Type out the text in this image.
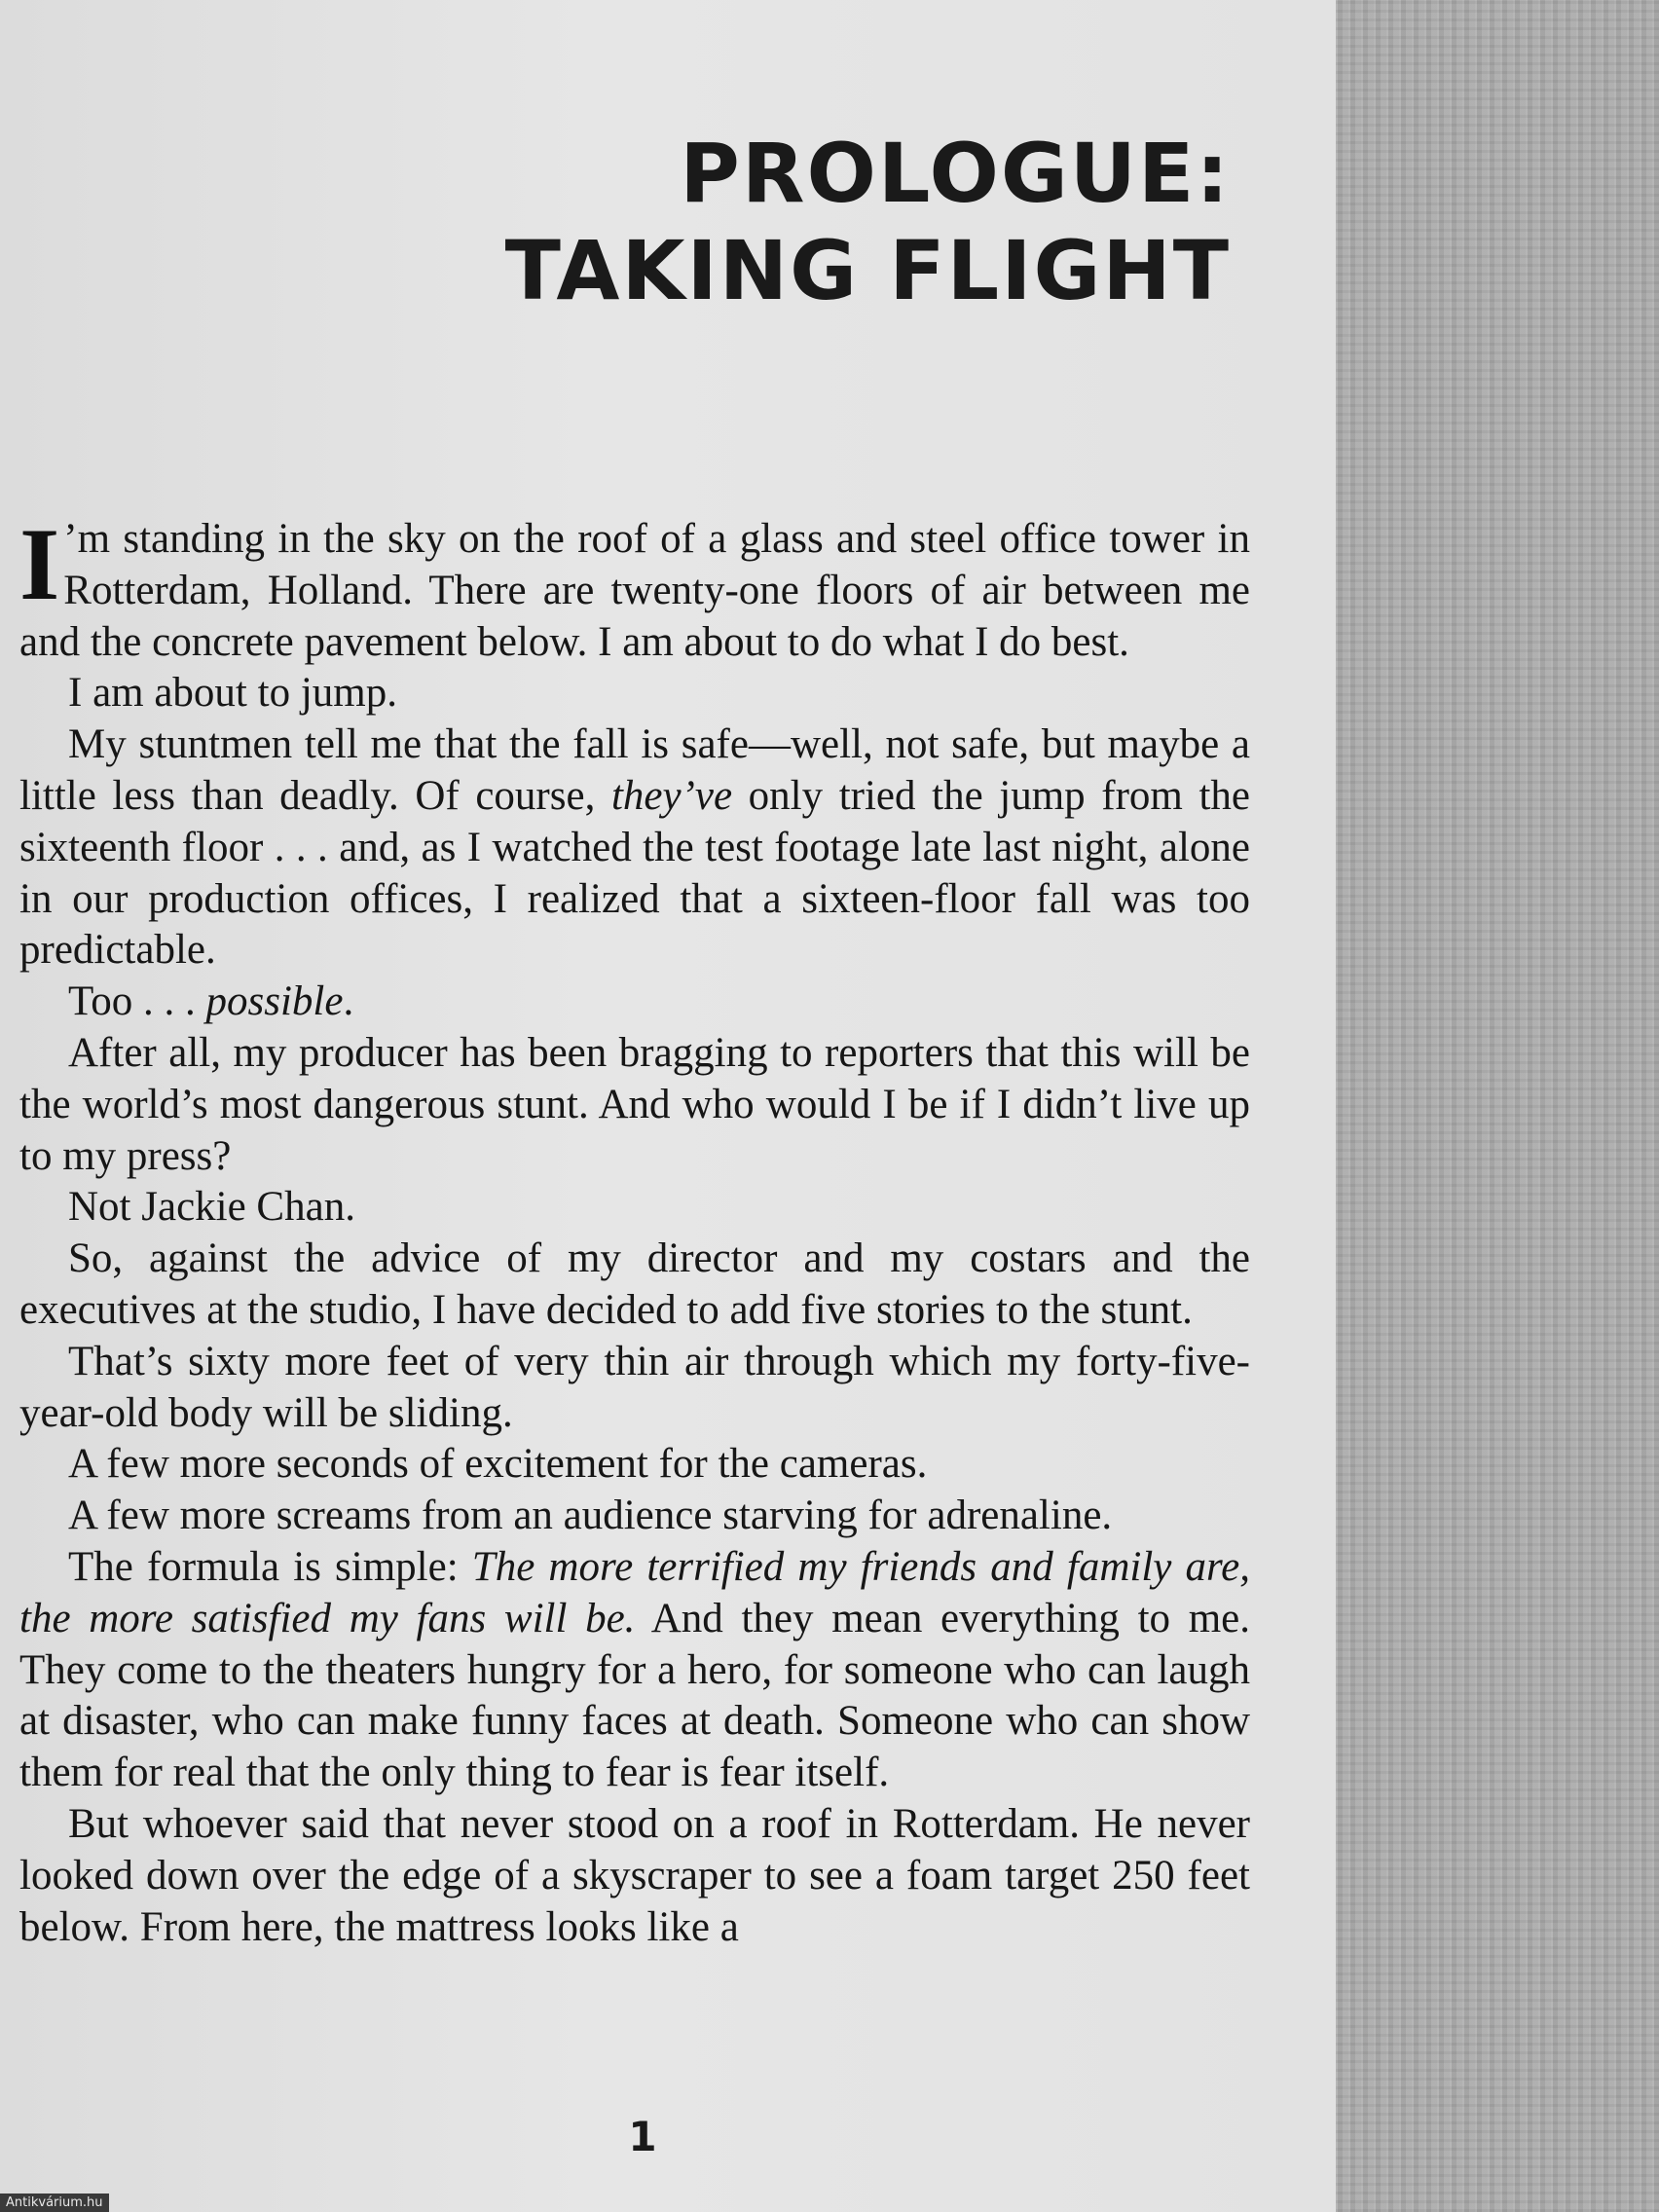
PROLOGUE:
TAKING FLIGHT

I ’m standing in the sky on the roof of a glass and steel office tower in Rotterdam, Holland. There are twenty-one floors of air between me and the concrete pavement below. I am about to do what I do best.

I am about to jump.

My stuntmen tell me that the fall is safe—well, not safe, but maybe a little less than deadly. Of course, they’ve only tried the jump from the sixteenth floor . . . and, as I watched the test footage late last night, alone in our production offices, I realized that a sixteen-floor fall was too predictable.

Too . . . possible.

After all, my producer has been bragging to reporters that this will be the world’s most dangerous stunt. And who would I be if I didn’t live up to my press?

Not Jackie Chan.

So, against the advice of my director and my costars and the executives at the studio, I have decided to add five stories to the stunt.

That’s sixty more feet of very thin air through which my forty-five-year-old body will be sliding.

A few more seconds of excitement for the cameras.

A few more screams from an audience starving for adrenaline.

The formula is simple: The more terrified my friends and family are, the more satisfied my fans will be. And they mean everything to me. They come to the theaters hungry for a hero, for someone who can laugh at disaster, who can make funny faces at death. Someone who can show them for real that the only thing to fear is fear itself.

But whoever said that never stood on a roof in Rotterdam. He never looked down over the edge of a skyscraper to see a foam target 250 feet below. From here, the mattress looks like a

1
Antikvárium.hu
